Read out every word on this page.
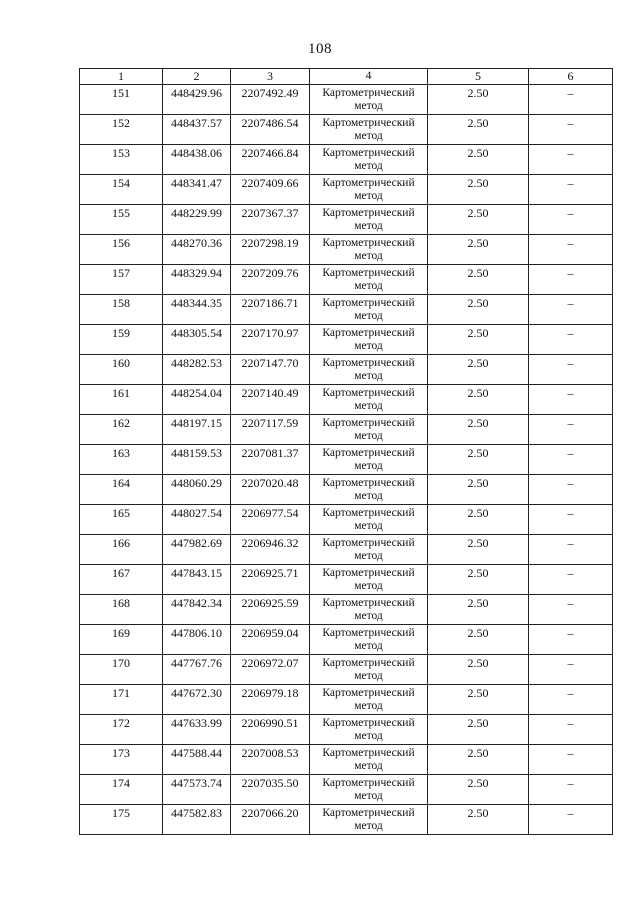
108
1	2	3	4	5	6

151	448429.96	2207492.49	Картометрический метод	2.50	–

152	448437.57	2207486.54	Картометрический метод	2.50	–

153	448438.06	2207466.84	Картометрический метод	2.50	–

154	448341.47	2207409.66	Картометрический метод	2.50	–

155	448229.99	2207367.37	Картометрический метод	2.50	–

156	448270.36	2207298.19	Картометрический метод	2.50	–

157	448329.94	2207209.76	Картометрический метод	2.50	–

158	448344.35	2207186.71	Картометрический метод	2.50	–

159	448305.54	2207170.97	Картометрический метод	2.50	–

160	448282.53	2207147.70	Картометрический метод	2.50	–

161	448254.04	2207140.49	Картометрический метод	2.50	–

162	448197.15	2207117.59	Картометрический метод	2.50	–

163	448159.53	2207081.37	Картометрический метод	2.50	–

164	448060.29	2207020.48	Картометрический метод	2.50	–

165	448027.54	2206977.54	Картометрический метод	2.50	–

166	447982.69	2206946.32	Картометрический метод	2.50	–

167	447843.15	2206925.71	Картометрический метод	2.50	–

168	447842.34	2206925.59	Картометрический метод	2.50	–

169	447806.10	2206959.04	Картометрический метод	2.50	–

170	447767.76	2206972.07	Картометрический метод	2.50	–

171	447672.30	2206979.18	Картометрический метод	2.50	–

172	447633.99	2206990.51	Картометрический метод	2.50	–

173	447588.44	2207008.53	Картометрический метод	2.50	–

174	447573.74	2207035.50	Картометрический метод	2.50	–

175	447582.83	2207066.20	Картометрический метод	2.50	–
